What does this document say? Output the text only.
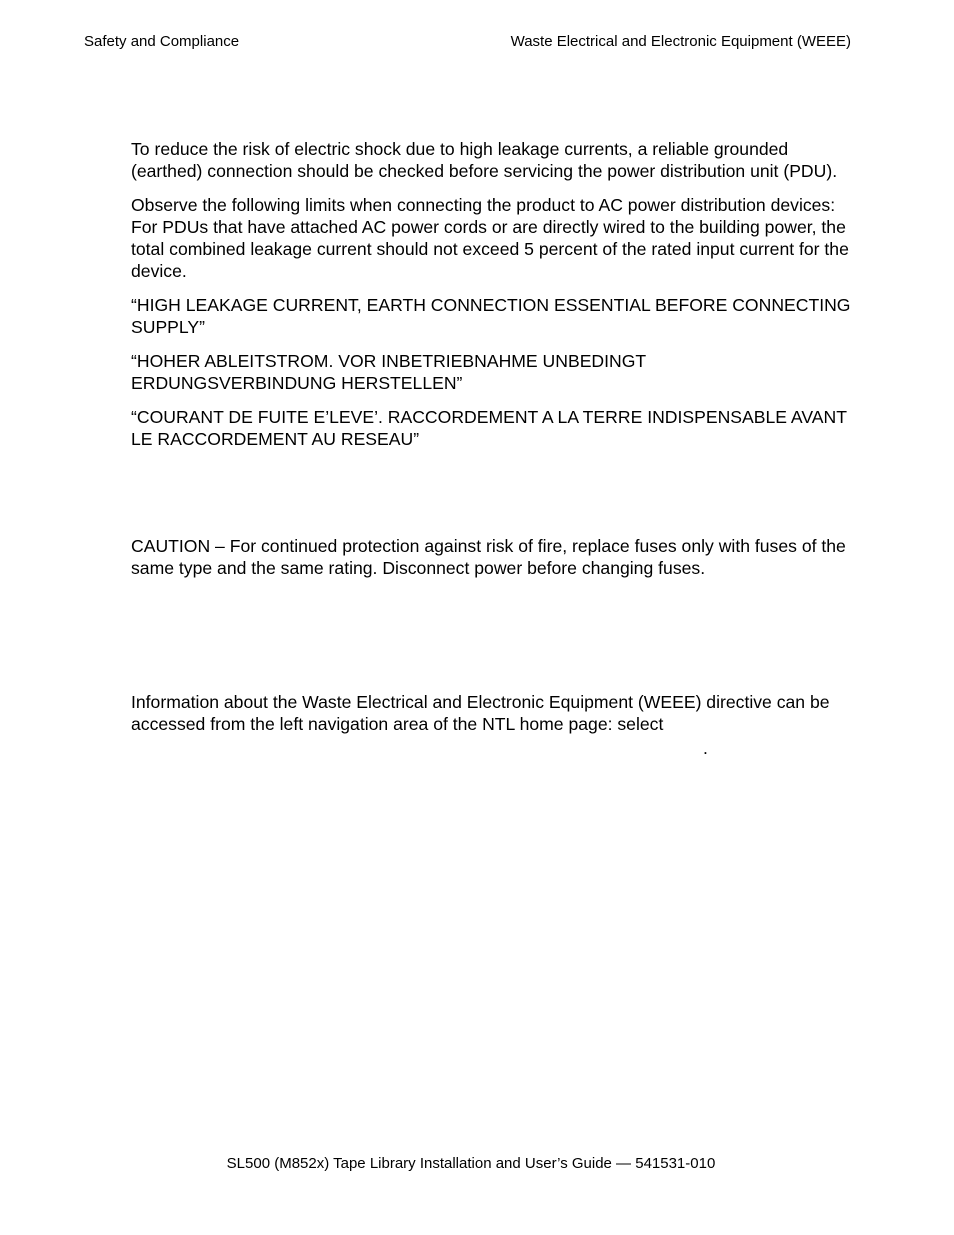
Safety and Compliance	Waste Electrical and Electronic Equipment (WEEE)

To reduce the risk of electric shock due to high leakage currents, a reliable grounded (earthed) connection should be checked before servicing the power distribution unit (PDU).

Observe the following limits when connecting the product to AC power distribution devices: For PDUs that have attached AC power cords or are directly wired to the building power, the total combined leakage current should not exceed 5 percent of the rated input current for the device.

“HIGH LEAKAGE CURRENT, EARTH CONNECTION ESSENTIAL BEFORE CONNECTING SUPPLY”

“HOHER ABLEITSTROM. VOR INBETRIEBNAHME UNBEDINGT ERDUNGSVERBINDUNG HERSTELLEN”

“COURANT DE FUITE E’LEVE’. RACCORDEMENT A LA TERRE INDISPENSABLE AVANT LE RACCORDEMENT AU RESEAU”

CAUTION – For continued protection against risk of fire, replace fuses only with fuses of the same type and the same rating. Disconnect power before changing fuses.

Information about the Waste Electrical and Electronic Equipment (WEEE) directive can be accessed from the left navigation area of the NTL home page: select

.
SL500 (M852x) Tape Library Installation and User’s Guide — 541531-010
